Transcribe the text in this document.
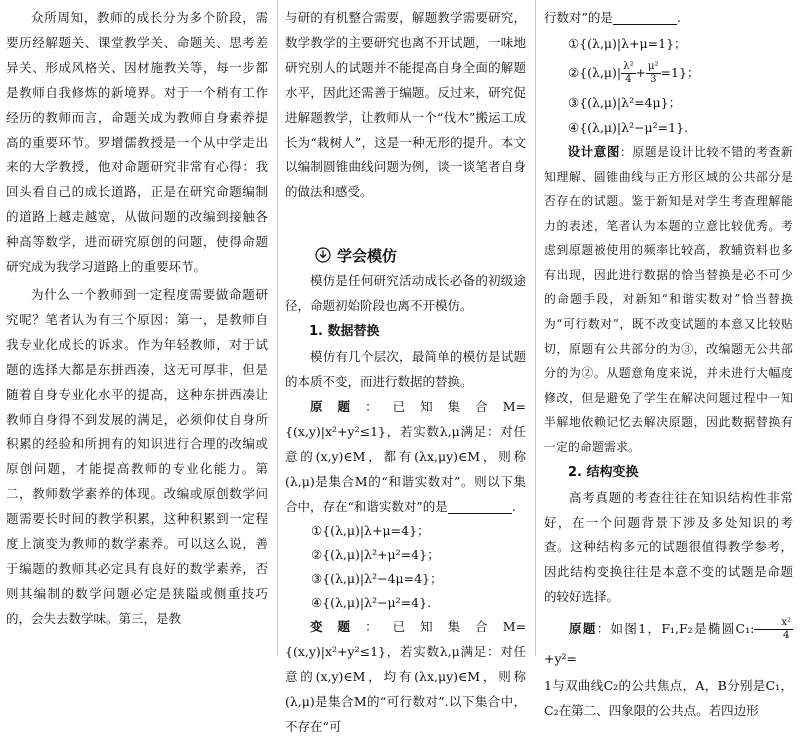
众所周知，教师的成长分为多个阶段，需要历经解题关、课堂教学关、命题关、思考差异关、形成风格关、因材施教关等，每一步都是教师自我修炼的新境界。对于一个稍有工作经历的教师而言，命题关成为教师自身素养提高的重要环节。罗增儒教授是一个从中学走出来的大学教授，他对命题研究非常有心得：我回头看自己的成长道路，正是在研究命题编制的道路上越走越宽，从做问题的改编到接触各种高等数学，进而研究原创的问题，使得命题研究成为我学习道路上的重要环节。

为什么一个教师到一定程度需要做命题研究呢？笔者认为有三个原因：第一，是教师自我专业化成长的诉求。作为年轻教师，对于试题的选择大都是东拼西凑，这无可厚非，但是随着自身专业化水平的提高，这种东拼西凑让教师自身得不到发展的满足，必须仰仗自身所积累的经验和所拥有的知识进行合理的改编或原创问题，才能提高教师的专业化能力。第二，教师数学素养的体现。改编或原创数学问题需要长时间的教学积累，这种积累到一定程度上演变为教师的数学素养。可以这么说，善于编题的教师其必定具有良好的数学素养，否则其编制的数学问题必定是狭隘或侧重技巧的，会失去数学味。第三，是教

与研的有机整合需要，解题教学需要研究，数学教学的主要研究也离不开试题，一味地研究别人的试题并不能提高自身全面的解题水平，因此还需善于编题。反过来，研究促进解题教学，让教师从一个“伐木”搬运工成长为“栽树人”，这是一种无形的提升。本文以编制圆锥曲线问题为例，谈一谈笔者自身的做法和感受。

学会模仿

模仿是任何研究活动成长必备的初级途径，命题初始阶段也离不开模仿。

1. 数据替换

模仿有几个层次，最简单的模仿是试题的本质不变，而进行数据的替换。

原题：已知集合M={(x,y)|x²+y²≤1}，若实数λ,μ满足：对任意的(x,y)∈M，都有(λx,μy)∈M，则称(λ,μ)是集合M的“和谐实数对”。则以下集合中，存在“和谐实数对”的是	.

①{(λ,μ)|λ+μ=4}；
②{(λ,μ)|λ²+μ²=4}；
③{(λ,μ)|λ²−4μ=4}；
④{(λ,μ)|λ²−μ²=4}.

变题：已知集合M={(x,y)|x²+y²≤1}，若实数λ,μ满足：对任意的(x,y)∈M，均有(λx,μy)∈M，则称(λ,μ)是集合M的“可行数对”.以下集合中，不存在“可

行数对”的是	.

①{(λ,μ)|λ+μ=1}；
②{(λ,μ)| $\frac{\text{λ²}}{4} + \frac{\text{μ²}}{3} =1$}；
③{(λ,μ)|λ²=4μ}；
④{(λ,μ)|λ²−μ²=1}.

设计意图：原题是设计比较不错的考查新知理解、圆锥曲线与正方形区域的公共部分是否存在的试题。鉴于新知是对学生考查理解能力的表述，笔者认为本题的立意比较优秀。考虑到原题被使用的频率比较高，教辅资料也多有出现，因此进行数据的恰当替换是必不可少的命题手段，对新知“和谐实数对”恰当替换为“可行数对”，既不改变试题的本意又比较贴切，原题有公共部分的为③，改编题无公共部分的为②。从题意角度来说，并未进行大幅度修改，但是避免了学生在解决问题过程中一知半解地依赖记忆去解决原题，因此数据替换有一定的命题需求。

2. 结构变换

高考真题的考查往往在知识结构性非常好，在一个问题背景下涉及多处知识的考查。这种结构多元的试题很值得教学参考，因此结构变换往往是本意不变的试题是命题的较好选择。

原题：如图1，F₁,F₂是椭圆C₁: $\frac{\text{x²}}{4}$
+y²=

1与双曲线C₂的公共焦点，A，B分别是C₁，C₂在第二、四象限的公共点。若四边形
